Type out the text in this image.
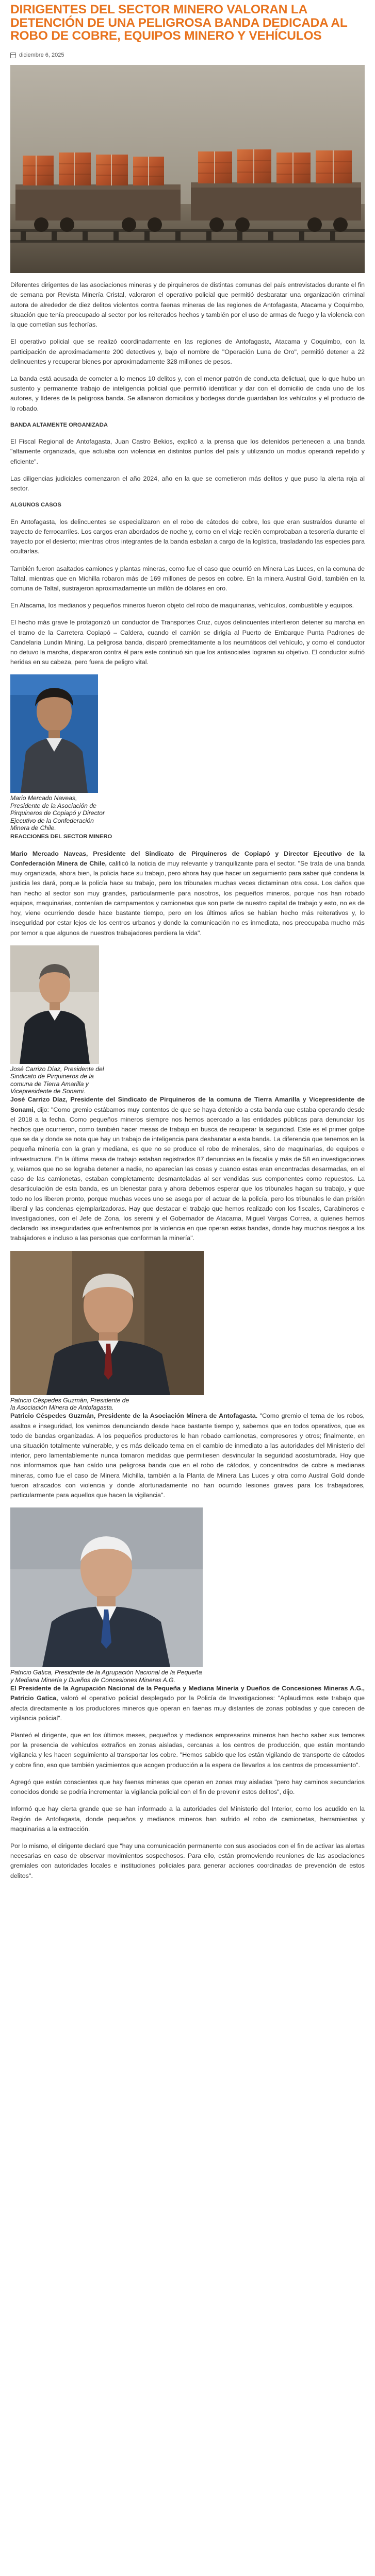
DIRIGENTES DEL SECTOR MINERO VALORAN LA DETENCIÓN DE UNA PELIGROSA BANDA DEDICADA AL ROBO DE COBRE, EQUIPOS MINERO Y VEHÍCULOS
diciembre 6, 2025

Diferentes dirigentes de las asociaciones mineras y de pirquineros de distintas comunas del país entrevistados durante el fin de semana por Revista Minería Cristal, valoraron el operativo policial que permitió desbaratar una organización criminal autora de alrededor de diez delitos violentos contra faenas mineras de las regiones de Antofagasta, Atacama y Coquimbo, situación que tenía preocupado al sector por los reiterados hechos y también por el uso de armas de fuego y la violencia con la que cometían sus fechorías.

El operativo policial que se realizó coordinadamente en las regiones de Antofagasta, Atacama y Coquimbo, con la participación de aproximadamente 200 detectives y, bajo el nombre de "Operación Luna de Oro", permitió detener a 22 delincuentes y recuperar bienes por aproximadamente 328 millones de pesos.

La banda está acusada de cometer a lo menos 10 delitos y, con el menor patrón de conducta delictual, que lo que hubo un sustento y permanente trabajo de inteligencia policial que permitió identificar y dar con el domicilio de cada uno de los autores, y líderes de la peligrosa banda. Se allanaron domicilios y bodegas donde guardaban los vehículos y el producto de lo robado.

BANDA ALTAMENTE ORGANIZADA

El Fiscal Regional de Antofagasta, Juan Castro Bekios, explicó a la prensa que los detenidos pertenecen a una banda "altamente organizada, que actuaba con violencia en distintos puntos del país y utilizando un modus operandi repetido y eficiente".

Las diligencias judiciales comenzaron el año 2024, año en la que se cometieron más delitos y que puso la alerta roja al sector.

ALGUNOS CASOS

En Antofagasta, los delincuentes se especializaron en el robo de cátodos de cobre, los que eran sustraídos durante el trayecto de ferrocarriles. Los cargos eran abordados de noche y, como en el viaje recién comprobaban a tesorería durante el trayecto por el desierto; mientras otros integrantes de la banda esbalan a cargo de la logística, trasladando las especies para ocultarlas.

También fueron asaltados camiones y plantas mineras, como fue el caso que ocurrió en Minera Las Luces, en la comuna de Taltal, mientras que en Michilla robaron más de 169 millones de pesos en cobre. En la minera Austral Gold, también en la comuna de Taltal, sustrajeron aproximadamente un millón de dólares en oro.

En Atacama, los medianos y pequeños mineros fueron objeto del robo de maquinarias, vehículos, combustible y equipos.

El hecho más grave le protagonizó un conductor de Transportes Cruz, cuyos delincuentes interfieron detener su marcha en el tramo de la Carretera Copiapó – Caldera, cuando el camión se dirigía al Puerto de Embarque Punta Padrones de Candelaria Lundin Mining. La peligrosa banda, disparó premeditamente a los neumáticos del vehículo, y como el conductor no detuvo la marcha, dispararon contra él para este continuó sin que los antisociales lograran su objetivo. El conductor sufrió heridas en su cabeza, pero fuera de peligro vital.

Mario Mercado Naveas, Presidente de la Asociación de Pirquineros de Copiapó y Director Ejecutivo de la Confederación Minera de Chile.

REACCIONES DEL SECTOR MINERO

Mario Mercado Naveas, Presidente del Sindicato de Pirquineros de Copiapó y Director Ejecutivo de la Confederación Minera de Chile, calificó la noticia de muy relevante y tranquilizante para el sector. "Se trata de una banda muy organizada, ahora bien, la policía hace su trabajo, pero ahora hay que hacer un seguimiento para saber qué condena la justicia les dará, porque la policía hace su trabajo, pero los tribunales muchas veces dictaminan otra cosa. Los daños que han hecho al sector son muy grandes, particularmente para nosotros, los pequeños mineros, porque nos han robado equipos, maquinarias, contenían de campamentos y camionetas que son parte de nuestro capital de trabajo y esto, no es de hoy, viene ocurriendo desde hace bastante tiempo, pero en los últimos años se habían hecho más reiterativos y, lo inseguridad por estar lejos de los centros urbanos y donde la comunicación no es inmediata, nos preocupaba mucho más por temor a que algunos de nuestros trabajadores perdiera la vida".

José Carrizo Díaz, Presidente del Sindicato de Pirquineros de la comuna de Tierra Amarilla y Vicepresidente de Sonami.

José Carrizo Díaz, Presidente del Sindicato de Pirquineros de la comuna de Tierra Amarilla y Vicepresidente de Sonami, dijo: "Como gremio estábamos muy contentos de que se haya detenido a esta banda que estaba operando desde el 2018 a la fecha. Como pequeños mineros siempre nos hemos acercado a las entidades públicas para denunciar los hechos que ocurrieron, como también hacer mesas de trabajo en busca de recuperar la seguridad. Este es el primer golpe que se da y donde se nota que hay un trabajo de inteligencia para desbaratar a esta banda. La diferencia que tenemos en la pequeña minería con la gran y mediana, es que no se produce el robo de minerales, sino de maquinarias, de equipos e infraestructura. En la última mesa de trabajo estaban registrados 87 denuncias en la fiscalía y más de 58 en investigaciones y, veíamos que no se lograba detener a nadie, no aparecían las cosas y cuando estas eran encontradas desarmadas, en el caso de las camionetas, estaban completamente desmanteladas al ser vendidas sus componentes como repuestos. La desarticulación de esta banda, es un bienestar para y ahora debemos esperar que los tribunales hagan su trabajo, y que todo no los liberen pronto, porque muchas veces uno se asega por el actuar de la policía, pero los tribunales le dan prisión liberal y las condenas ejemplarizadoras. Hay que destacar el trabajo que hemos realizado con los fiscales, Carabineros e Investigaciones, con el Jefe de Zona, los seremi y el Gobernador de Atacama, Miguel Vargas Correa, a quienes hemos declarado las inseguridades que enfrentamos por la violencia en que operan estas bandas, donde hay muchos riesgos a los trabajadores e incluso a las personas que conforman la minería".

Patricio Céspedes Guzmán, Presidente de la Asociación Minera de Antofagasta.

Patricio Céspedes Guzmán, Presidente de la Asociación Minera de Antofagasta. "Como gremio el tema de los robos, asaltos e inseguridad, los venimos denunciando desde hace bastante tiempo y, sabemos que en todos operativos, que es todo de bandas organizadas. A los pequeños productores le han robado camionetas, compresores y otros; finalmente, en una situación totalmente vulnerable, y es más delicado tema en el cambio de inmediato a las autoridades del Ministerio del interior, pero lamentablemente nunca tomaron medidas que permitiesen desvincular la seguridad acostumbrada. Hoy que nos informamos que han caído una peligrosa banda que en el robo de cátodos, y concentrados de cobre a medianas mineras, como fue el caso de Minera Michilla, también a la Planta de Minera Las Luces y otra como Austral Gold donde fueron atracados con violencia y donde afortunadamente no han ocurrido lesiones graves para los trabajadores, particularmente para aquellos que hacen la vigilancia".

Patricio Gatica, Presidente de la Agrupación Nacional de la Pequeña y Mediana Minería y Dueños de Concesiones Mineras A.G.

El Presidente de la Agrupación Nacional de la Pequeña y Mediana Minería y Dueños de Concesiones Mineras A.G., Patricio Gatica, valoró el operativo policial desplegado por la Policía de Investigaciones: "Aplaudimos este trabajo que afecta directamente a los productores mineros que operan en faenas muy distantes de zonas pobladas y que carecen de vigilancia policial".

Planteó el dirigente, que en los últimos meses, pequeños y medianos empresarios mineros han hecho saber sus temores por la presencia de vehículos extraños en zonas aisladas, cercanas a los centros de producción, que están montando vigilancia y les hacen seguimiento al transportar los cobre. "Hemos sabido que los están vigilando de transporte de cátodos y cobre fino, eso que también yacimientos que acogen producción a la espera de llevarlos a los centros de procesamiento".

Agregó que están conscientes que hay faenas mineras que operan en zonas muy aisladas "pero hay caminos secundarios conocidos donde se podría incrementar la vigilancia policial con el fin de prevenir estos delitos", dijo.

Informó que hay cierta grande que se han informado a la autoridades del Ministerio del Interior, como los acudido en la Región de Antofagasta, donde pequeños y medianos mineros han sufrido el robo de camionetas, herramientas y maquinarias a la extracción.

Por lo mismo, el dirigente declaró que "hay una comunicación permanente con sus asociados con el fin de activar las alertas necesarias en caso de observar movimientos sospechosos. Para ello, están promoviendo reuniones de las asociaciones gremiales con autoridades locales e instituciones policiales para generar acciones coordinadas de prevención de estos delitos".
